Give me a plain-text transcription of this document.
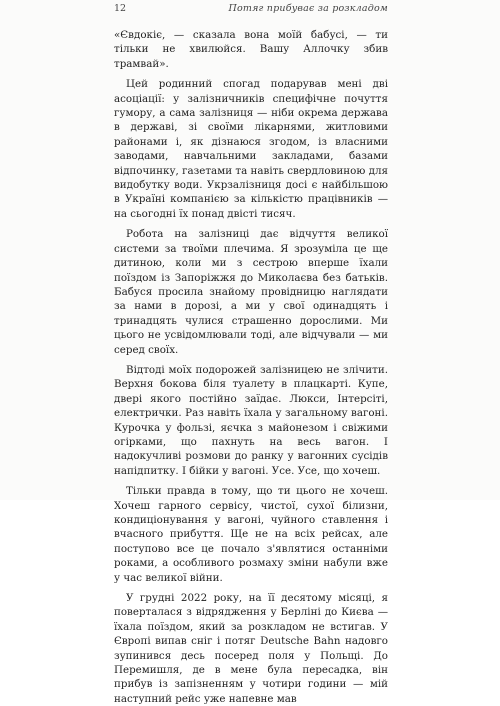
12	Потяг прибуває за розкладом

«Євдокіє, — сказала вона моїй бабусі, — ти тільки не хвилюйся. Вашу Аллочку збив трамвай».

Цей родинний спогад подарував мені дві асоціації: у залізничників специфічне почуття гумору, а сама залізниця — ніби окрема держава в державі, зі своїми лікарнями, житловими районами і, як дізнаюся згодом, із власними заводами, навчальними закладами, базами відпочинку, газетами та навіть свердловиною для видобутку води. Укрзалізниця досі є найбільшою в Україні компанією за кількістю працівників — на сьогодні їх понад двісті тисяч.

Робота на залізниці дає відчуття великої системи за твоїми плечима. Я зрозуміла це ще дитиною, коли ми з сестрою вперше їхали поїздом із Запоріжжя до Миколаєва без батьків. Бабуся просила знайому провідницю наглядати за нами в дорозі, а ми у свої одинадцять і тринадцять чулися страшенно дорослими. Ми цього не усвідомлювали тоді, але відчували — ми серед своїх.

Відтоді моїх подорожей залізницею не злічити. Верхня бокова біля туалету в плацкарті. Купе, двері якого постійно заїдає. Люкси, Інтерсіті, електрички. Раз навіть їхала у загальному вагоні. Курочка у фользі, яєчка з майонезом і свіжими огірками, що пахнуть на весь вагон. І надокучливі розмови до ранку у вагонних сусідів напідпитку. І бійки у вагоні. Усе. Усе, що хочеш.

Тільки правда в тому, що ти цього не хочеш. Хочеш гарного сервісу, чистої, сухої білизни, кондиціонування у вагоні, чуйного ставлення і вчасного прибуття. Ще не на всіх рейсах, але поступово все це почало з'являтися останніми роками, а особливого розмаху зміни набули вже у час великої війни.

У грудні 2022 року, на її десятому місяці, я поверталася з відрядження у Берліні до Києва — їхала поїздом, який за розкладом не встигав. У Європі випав сніг і потяг Deutsche Bahn надовго зупинився десь посеред поля у Польщі. До Перемишля, де в мене була пересадка, він прибув із запізненням у чотири години — мій наступний рейс уже напевне мав
